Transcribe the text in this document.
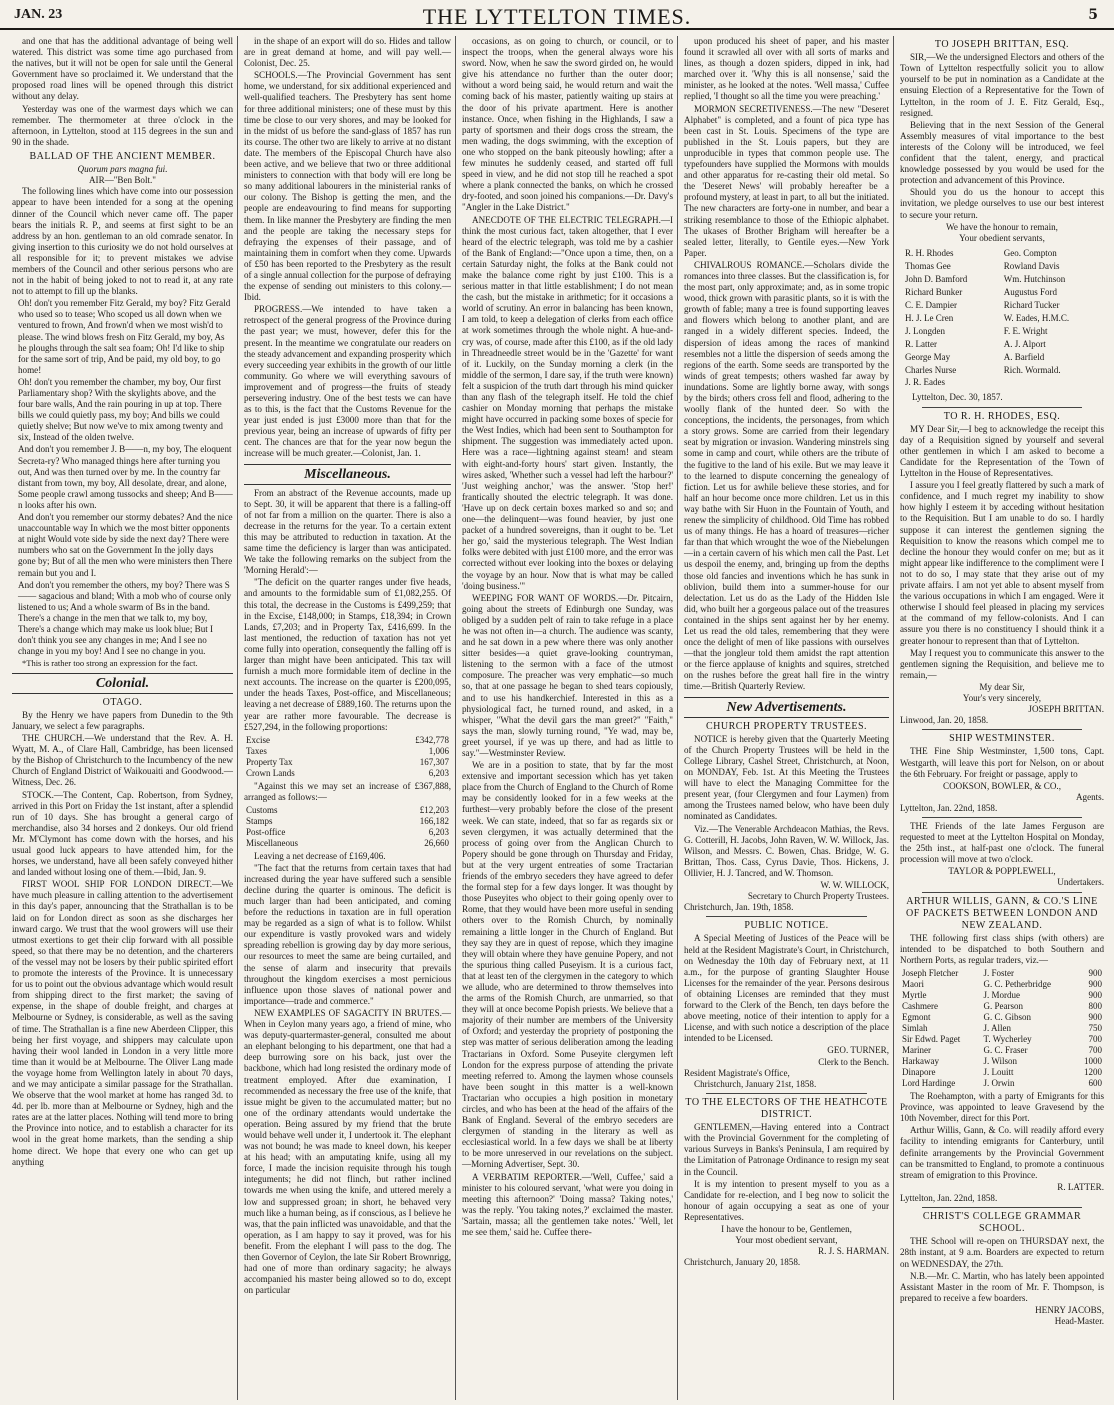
JAN. 23	THE LYTTELTON TIMES.	5

and one that has the additional advantage of being well watered. This district was some time ago purchased from the natives, but it will not be open for sale until the General Government have so proclaimed it. We understand that the proposed road lines will be opened through this district without any delay.

Yesterday was one of the warmest days which we can remember. The thermometer at three o'clock in the afternoon, in Lyttelton, stood at 115 degrees in the sun and 90 in the shade.

BALLAD OF THE ANCIENT MEMBER.
Quorum pars magna fui.
AIR—"Ben Bolt."

The following lines which have come into our possession appear to have been intended for a song at the opening dinner of the Council which never came off. The paper bears the initials R. P., and seems at first sight to be an address by an hon. gentleman to an old comrade senator. In giving insertion to this curiosity we do not hold ourselves at all responsible for it; to prevent mistakes we advise members of the Council and other serious persons who are not in the habit of being joked to not to read it, at any rate not to attempt to fill up the blanks.

Oh! don't you remember Fitz Gerald, my boy? Fitz Gerald who used so to tease; Who scoped us all down when we ventured to frown, And frown'd when we most wish'd to please. The wind blows fresh on Fitz Gerald, my boy, As he ploughs through the salt sea foam; Oh! I'd like to ship for the same sort of trip, And be paid, my old boy, to go home!

Oh! don't you remember the chamber, my boy, Our first Parliamentary shop? With the skylights above, and the four bare walls, And the rain pouring in up at top. There bills we could quietly pass, my boy; And bills we could quietly shelve; But now we've to mix among twenty and six, Instead of the olden twelve.

And don't you remember J. B——n, my boy, The eloquent Secreta-ry? Who managed things here after turning you out, And was then turned over by me. In the country far distant from town, my boy, All desolate, drear, and alone, Some people crawl among tussocks and sheep; And B——n looks after his own.

And don't you remember our stormy debates? And the nice unaccountable way In which we the most bitter opponents at night Would vote side by side the next day? There were numbers who sat on the Government In the jolly days gone by; But of all the men who were ministers then There remain but you and I.

And don't you remember the others, my boy? There was S—— sagacious and bland; With a mob who of course only listened to us; And a whole swarm of Bs in the band. There's a change in the men that we talk to, my boy, There's a change which may make us look blue; But I don't think you see any changes in me; And I see no change in you my boy! And I see no change in you.

*This is rather too strong an expression for the fact.

Colonial.
OTAGO.

By the Henry we have papers from Dunedin to the 9th January, we select a few paragraphs.

THE CHURCH.—We understand that the Rev. A. H. Wyatt, M. A., of Clare Hall, Cambridge, has been licensed by the Bishop of Christchurch to the Incumbency of the new Church of England District of Waikouaiti and Goodwood.—Witness, Dec. 26.

STOCK.—The Content, Cap. Robertson, from Sydney, arrived in this Port on Friday the 1st instant, after a splendid run of 10 days. She has brought a general cargo of merchandise, also 34 horses and 2 donkeys. Our old friend Mr. M'Clymont has come down with the horses, and his usual good luck appears to have attended him, for the horses, we understand, have all been safely conveyed hither and landed without losing one of them.—Ibid, Jan. 9.

FIRST WOOL SHIP FOR LONDON DIRECT.—We have much pleasure in calling attention to the advertisement in this day's paper, announcing that the Strathallan is to be laid on for London direct as soon as she discharges her inward cargo. We trust that the wool growers will use their utmost exertions to get their clip forward with all possible speed, so that there may be no detention, and the charterers of the vessel may not be losers by their public spirited effort to promote the interests of the Province. It is unnecessary for us to point out the obvious advantage which would result from shipping direct to the first market; the saving of expense, in the shape of double freight, and charges at Melbourne or Sydney, is considerable, as well as the saving of time. The Strathallan is a fine new Aberdeen Clipper, this being her first voyage, and shippers may calculate upon having their wool landed in London in a very little more time than it would be at Melbourne. The Oliver Lang made the voyage home from Wellington lately in about 70 days, and we may anticipate a similar passage for the Strathallan. We observe that the wool market at home has ranged 3d. to 4d. per lb. more than at Melbourne or Sydney, high and the rates are at the latter places. Nothing will tend more to bring the Province into notice, and to establish a character for its wool in the great home markets, than the sending a ship home direct. We hope that every one who can get up anything

in the shape of an export will do so. Hides and tallow are in great demand at home, and will pay well.—Colonist, Dec. 25.

SCHOOLS.—The Provincial Government has sent home, we understand, for six additional experienced and well-qualified teachers. The Presbytery has sent home for three additional ministers; one of these must by this time be close to our very shores, and may be looked for in the midst of us before the sand-glass of 1857 has run its course. The other two are likely to arrive at no distant date. The members of the Episcopal Church have also been active, and we believe that two or three additional ministers to connection with that body will ere long be so many additional labourers in the ministerial ranks of our colony. The Bishop is getting the men, and the people are endeavouring to find means for supporting them. In like manner the Presbytery are finding the men and the people are taking the necessary steps for defraying the expenses of their passage, and of maintaining them in comfort when they come. Upwards of £50 has been reported to the Presbytery as the result of a single annual collection for the purpose of defraying the expense of sending out ministers to this colony.—Ibid.

PROGRESS.—We intended to have taken a retrospect of the general progress of the Province during the past year; we must, however, defer this for the present. In the meantime we congratulate our readers on the steady advancement and expanding prosperity which every succeeding year exhibits in the growth of our little community. Go where we will everything savours of improvement and of progress—the fruits of steady persevering industry. One of the best tests we can have as to this, is the fact that the Customs Revenue for the year just ended is just £3000 more than that for the previous year, being an increase of upwards of fifty per cent. The chances are that for the year now begun the increase will be much greater.—Colonist, Jan. 1.

Miscellaneous.

From an abstract of the Revenue accounts, made up to Sept. 30, it will be apparent that there is a falling-off of not far from a million on the quarter. There is also a decrease in the returns for the year. To a certain extent this may be attributed to reduction in taxation. At the same time the deficiency is larger than was anticipated. We take the following remarks on the subject from the 'Morning Herald':—

"The deficit on the quarter ranges under five heads, and amounts to the formidable sum of £1,082,255. Of this total, the decrease in the Customs is £499,259; that in the Excise, £148,000; in Stamps, £18,394; in Crown Lands, £7,203; and in Property Tax, £416,699. In the last mentioned, the reduction of taxation has not yet come fully into operation, consequently the falling off is larger than might have been anticipated. This tax will furnish a much more formidable item of decline in the next accounts. The increase on the quarter is £200,095, under the heads Taxes, Post-office, and Miscellaneous; leaving a net decrease of £889,160. The returns upon the year are rather more favourable. The decrease is £527,294, in the following proportions:

Excise	£342,778
Taxes	1,006
Property Tax	167,307
Crown Lands	6,203

"Against this we may set an increase of £367,888, arranged as follows:—

Customs	£12,203
Stamps	166,182
Post-office	6,203
Miscellaneous	26,660

Leaving a net decrease of £169,406.

"The fact that the returns from certain taxes that had increased during the year have suffered such a sensible decline during the quarter is ominous. The deficit is much larger than had been anticipated, and coming before the reductions in taxation are in full operation may be regarded as a sign of what is to follow. Whilst our expenditure is vastly provoked wars and widely spreading rebellion is growing day by day more serious, our resources to meet the same are being curtailed, and the sense of alarm and insecurity that prevails throughout the kingdom exercises a most pernicious influence upon those slaves of national power and importance—trade and commerce."

NEW EXAMPLES OF SAGACITY IN BRUTES.—When in Ceylon many years ago, a friend of mine, who was deputy-quartermaster-general, consulted me about an elephant belonging to his department, one that had a deep burrowing sore on his back, just over the backbone, which had long resisted the ordinary mode of treatment employed. After due examination, I recommended as necessary the free use of the knife, that issue might be given to the accumulated matter; but no one of the ordinary attendants would undertake the operation. Being assured by my friend that the brute would behave well under it, I undertook it. The elephant was not bound; he was made to kneel down, his keeper at his head; with an amputating knife, using all my force, I made the incision requisite through his tough integuments; he did not flinch, but rather inclined towards me when using the knife, and uttered merely a low and suppressed groan; in short, he behaved very much like a human being, as if conscious, as I believe he was, that the pain inflicted was unavoidable, and that the operation, as I am happy to say it proved, was for his benefit. From the elephant I will pass to the dog. The then Governor of Ceylon, the late Sir Robert Brownrigg, had one of more than ordinary sagacity; he always accompanied his master being allowed so to do, except on particular

occasions, as on going to church, or council, or to inspect the troops, when the general always wore his sword. Now, when he saw the sword girded on, he would give his attendance no further than the outer door; without a word being said, he would return and wait the coming back of his master, patiently waiting up stairs at the door of his private apartment. Here is another instance. Once, when fishing in the Highlands, I saw a party of sportsmen and their dogs cross the stream, the men wading, the dogs swimming, with the exception of one who stopped on the bank piteously howling; after a few minutes he suddenly ceased, and started off full speed in view, and he did not stop till he reached a spot where a plank connected the banks, on which he crossed dry-footed, and soon joined his companions.—Dr. Davy's "Angler in the Lake District."

ANECDOTE OF THE ELECTRIC TELEGRAPH.—I think the most curious fact, taken altogether, that I ever heard of the electric telegraph, was told me by a cashier of the Bank of England:—"Once upon a time, then, on a certain Saturday night, the folks at the Bank could not make the balance come right by just £100. This is a serious matter in that little establishment; I do not mean the cash, but the mistake in arithmetic; for it occasions a world of scrutiny. An error in balancing has been known, I am told, to keep a delegation of clerks from each office at work sometimes through the whole night. A hue-and-cry was, of course, made after this £100, as if the old lady in Threadneedle street would be in the 'Gazette' for want of it. Luckily, on the Sunday morning a clerk (in the middle of the sermon, I dare say, if the truth were known) felt a suspicion of the truth dart through his mind quicker than any flash of the telegraph itself. He told the chief cashier on Monday morning that perhaps the mistake might have occurred in packing some boxes of specie for the West Indies, which had been sent to Southampton for shipment. The suggestion was immediately acted upon. Here was a race—lightning against steam! and steam with eight-and-forty hours' start given. Instantly, the wires asked, 'Whether such a vessel had left the harbour?' 'Just weighing anchor,' was the answer. 'Stop her!' frantically shouted the electric telegraph. It was done. 'Have up on deck certain boxes marked so and so; and one—the delinquent—was found heavier, by just one packet of a hundred sovereigns, than it ought to be. 'Let her go,' said the mysterious telegraph. The West Indian folks were debited with just £100 more, and the error was corrected without ever looking into the boxes or delaying the voyage by an hour. Now that is what may be called 'doing business.'"

WEEPING FOR WANT OF WORDS.—Dr. Pitcairn, going about the streets of Edinburgh one Sunday, was obliged by a sudden pelt of rain to take refuge in a place he was not often in—a church. The audience was scanty, and he sat down in a pew where there was only another sitter besides—a quiet grave-looking countryman, listening to the sermon with a face of the utmost composure. The preacher was very emphatic—so much so, that at one passage he began to shed tears copiously, and to use his handkerchief. Interested in this as a physiological fact, he turned round, and asked, in a whisper, "What the devil gars the man greet?" "Faith," says the man, slowly turning round, "Ye wad, may be, greet yoursel, if ye was up there, and had as little to say."—Westminster Review.

We are in a position to state, that by far the most extensive and important secession which has yet taken place from the Church of England to the Church of Rome may be considently looked for in a few weeks at the furthest—very probably before the close of the present week. We can state, indeed, that so far as regards six or seven clergymen, it was actually determined that the process of going over from the Anglican Church to Popery should be gone through on Thursday and Friday, but at the very urgent entreaties of some Tractarian friends of the embryo seceders they have agreed to defer the formal step for a few days longer. It was thought by those Puseyites who object to their going openly over to Rome, that they would have been more useful in sending others over to the Romish Church, by nominally remaining a little longer in the Church of England. But they say they are in quest of repose, which they imagine they will obtain where they have genuine Popery, and not the spurious thing called Puseyism. It is a curious fact, that at least ten of the clergymen in the category to which we allude, who are determined to throw themselves into the arms of the Romish Church, are unmarried, so that they will at once become Popish priests. We believe that a majority of their number are members of the University of Oxford; and yesterday the propriety of postponing the step was matter of serious deliberation among the leading Tractarians in Oxford. Some Puseyite clergymen left London for the express purpose of attending the private meeting referred to. Among the laymen whose counsels have been sought in this matter is a well-known Tractarian who occupies a high position in monetary circles, and who has been at the head of the affairs of the Bank of England. Several of the embryo seceders are clergymen of standing in the literary as well as ecclesiastical world. In a few days we shall be at liberty to be more unreserved in our revelations on the subject.—Morning Advertiser, Sept. 30.

A VERBATIM REPORTER.—'Well, Cuffee,' said a minister to his coloured servant, 'what were you doing in meeting this afternoon?' 'Doing massa? Taking notes,' was the reply. 'You taking notes,?' exclaimed the master. 'Sartain, massa; all the gentlemen take notes.' 'Well, let me see them,' said he. Cuffee there-

upon produced his sheet of paper, and his master found it scrawled all over with all sorts of marks and lines, as though a dozen spiders, dipped in ink, had marched over it. 'Why this is all nonsense,' said the minister, as he looked at the notes. 'Well massa,' Cuffee replied, 'I thought so all the time you were preaching.'

MORMON SECRETIVENESS.—The new "Deseret Alphabet" is completed, and a fount of pica type has been cast in St. Louis. Specimens of the type are published in the St. Louis papers, but they are unproducible in types that common people use. The typefounders have supplied the Mormons with moulds and other apparatus for re-casting their old metal. So the 'Deseret News' will probably hereafter be a profound mystery, at least in part, to all but the initiated. The new characters are forty-one in number, and bear a striking resemblance to those of the Ethiopic alphabet. The ukases of Brother Brigham will hereafter be a sealed letter, literally, to Gentile eyes.—New York Paper.

CHIVALROUS ROMANCE.—Scholars divide the romances into three classes. But the classification is, for the most part, only approximate; and, as in some tropic wood, thick grown with parasitic plants, so it is with the growth of fable; many a tree is found supporting leaves and flowers which belong to another plant, and are ranged in a widely different species. Indeed, the dispersion of ideas among the races of mankind resembles not a little the dispersion of seeds among the regions of the earth. Some seeds are transported by the winds of great tempests; others washed far away by inundations. Some are lightly borne away, with songs by the birds; others cross fell and flood, adhering to the woolly flank of the hunted deer. So with the conceptions, the incidents, the personages, from which a story grows. Some are carried from their legendary seat by migration or invasion. Wandering minstrels sing some in camp and court, while others are the tribute of the fugitive to the land of his exile. But we may leave it to the learned to dispute concerning the genealogy of fiction. Let us for awhile believe these stories, and for half an hour become once more children. Let us in this way bathe with Sir Huon in the Fountain of Youth, and renew the simplicity of childhood. Old Time has robbed us of many things. He has a hoard of treasures—richer far than that which wrought the woe of the Niebelungen—in a certain cavern of his which men call the Past. Let us despoil the enemy, and, bringing up from the depths those old fancies and inventions which he has sunk in oblivion, build them into a summer-house for our delectation. Let us do as the Lady of the Hidden Isle did, who built her a gorgeous palace out of the treasures contained in the ships sent against her by her enemy. Let us read the old tales, remembering that they were once the delight of men of like passions with ourselves—that the jongleur told them amidst the rapt attention or the fierce applause of knights and squires, stretched on the rushes before the great hall fire in the wintry time.—British Quarterly Review.

New Advertisements.
CHURCH PROPERTY TRUSTEES.

NOTICE is hereby given that the Quarterly Meeting of the Church Property Trustees will be held in the College Library, Cashel Street, Christchurch, at Noon, on MONDAY, Feb. 1st. At this Meeting the Trustees will have to elect the Managing Committee for the present year, (four Clergymen and four Laymen) from among the Trustees named below, who have been duly nominated as Candidates.

Viz.—The Venerable Archdeacon Mathias, the Revs. G. Cotterill, H. Jacobs, John Raven, W. W. Willock, Jas. Wilson, and Messrs. C. Bowen, Chas. Bridge, W. G. Brittan, Thos. Cass, Cyrus Davie, Thos. Hickens, J. Ollivier, H. J. Tancred, and W. Thomson.

W. W. WILLOCK,
Secretary to Church Property Trustees.
Christchurch, Jan. 19th, 1858.
PUBLIC NOTICE.

A Special Meeting of Justices of the Peace will be held at the Resident Magistrate's Court, in Christchurch, on Wednesday the 10th day of February next, at 11 a.m., for the purpose of granting Slaughter House Licenses for the remainder of the year. Persons desirous of obtaining Licenses are reminded that they must forward to the Clerk of the Bench, ten days before the above meeting, notice of their intention to apply for a License, and with such notice a description of the place intended to be Licensed.

GEO. TURNER,
Clerk to the Bench.
Resident Magistrate's Office,
Christchurch, January 21st, 1858.
TO THE ELECTORS OF THE HEATHCOTE DISTRICT.

GENTLEMEN,—Having entered into a Contract with the Provincial Government for the completing of various Surveys in Banks's Peninsula, I am required by the Limitation of Patronage Ordinance to resign my seat in the Council.

It is my intention to present myself to you as a Candidate for re-election, and I beg now to solicit the honour of again occupying a seat as one of your Representatives.

I have the honour to be, Gentlemen,
Your most obedient servant,
R. J. S. HARMAN.
Christchurch, January 20, 1858.
TO JOSEPH BRITTAN, ESQ.

SIR,—We the undersigned Electors and others of the Town of Lyttelton respectfully solicit you to allow yourself to be put in nomination as a Candidate at the ensuing Election of a Representative for the Town of Lyttelton, in the room of J. E. Fitz Gerald, Esq., resigned.

Believing that in the next Session of the General Assembly measures of vital importance to the best interests of the Colony will be introduced, we feel confident that the talent, energy, and practical knowledge possessed by you would be used for the protection and advancement of this Province.

Should you do us the honour to accept this invitation, we pledge ourselves to use our best interest to secure your return.

We have the honour to remain,
Your obedient servants,
R. H. Rhodes	Geo. Compton
Thomas Gee	Rowland Davis
John D. Bamford	Wm. Hutchinson
Richard Bunker	Augustus Ford
C. E. Dampier	Richard Tucker
H. J. Le Cren	W. Eades, H.M.C.
J. Longden	F. E. Wright
R. Latter	A. J. Alport
George May	A. Barfield
Charles Nurse	Rich. Wormald.
J. R. Eades	
Lyttelton, Dec. 30, 1857.
TO R. H. RHODES, ESQ.

MY Dear Sir,—I beg to acknowledge the receipt this day of a Requisition signed by yourself and several other gentlemen in which I am asked to become a Candidate for the Representation of the Town of Lyttelton in the House of Representatives.

I assure you I feel greatly flattered by such a mark of confidence, and I much regret my inability to show how highly I esteem it by acceding without hesitation to the Requisition. But I am unable to do so. I hardly suppose it can interest the gentlemen signing the Requisition to know the reasons which compel me to decline the honour they would confer on me; but as it might appear like indifference to the compliment were I not to do so, I may state that they arise out of my private affairs. I am not yet able to absent myself from the various occupations in which I am engaged. Were it otherwise I should feel pleased in placing my services at the command of my fellow-colonists. And I can assure you there is no constituency I should think it a greater honour to represent than that of Lyttelton.

May I request you to communicate this answer to the gentlemen signing the Requisition, and believe me to remain,—

My dear Sir,
Your's very sincerely,
JOSEPH BRITTAN.
Linwood, Jan. 20, 1858.
SHIP WESTMINSTER.

THE Fine Ship Westminster, 1,500 tons, Capt. Westgarth, will leave this port for Nelson, on or about the 6th February. For freight or passage, apply to

COOKSON, BOWLER, & CO.,
Agents.
Lyttelton, Jan. 22nd, 1858.

THE Friends of the late James Ferguson are requested to meet at the Lyttelton Hospital on Monday, the 25th inst., at half-past one o'clock. The funeral procession will move at two o'clock.

TAYLOR & POPPLEWELL,
Undertakers.
ARTHUR WILLIS, GANN, & CO.'S LINE OF PACKETS BETWEEN LONDON AND NEW ZEALAND.

THE following first class ships (with others) are intended to be dispatched to both Southern and Northern Ports, as regular traders, viz.—

Joseph Fletcher	J. Foster	900
Maori	G. C. Petherbridge	900
Myrtle	J. Mordue	900
Cashmere	G. Pearson	800
Egmont	G. C. Gibson	900
Simlah	J. Allen	750
Sir Edwd. Paget	T. Wycherley	700
Mariner	G. C. Fraser	700
Harkaway	J. Wilson	1000
Dinapore	J. Louitt	1200
Lord Hardinge	J. Orwin	600

The Roehampton, with a party of Emigrants for this Province, was appointed to leave Gravesend by the 10th November, direct for this Port.

Arthur Willis, Gann, & Co. will readily afford every facility to intending emigrants for Canterbury, until definite arrangements by the Provincial Government can be transmitted to England, to promote a continuous stream of emigration to this Province.

R. LATTER.
Lyttelton, Jan. 22nd, 1858.
CHRIST'S COLLEGE GRAMMAR SCHOOL.

THE School will re-open on THURSDAY next, the 28th instant, at 9 a.m. Boarders are expected to return on WEDNESDAY, the 27th.

N.B.—Mr. C. Martin, who has lately been appointed Assistant Master in the room of Mr. F. Thompson, is prepared to receive a few boarders.

HENRY JACOBS,
Head-Master.
